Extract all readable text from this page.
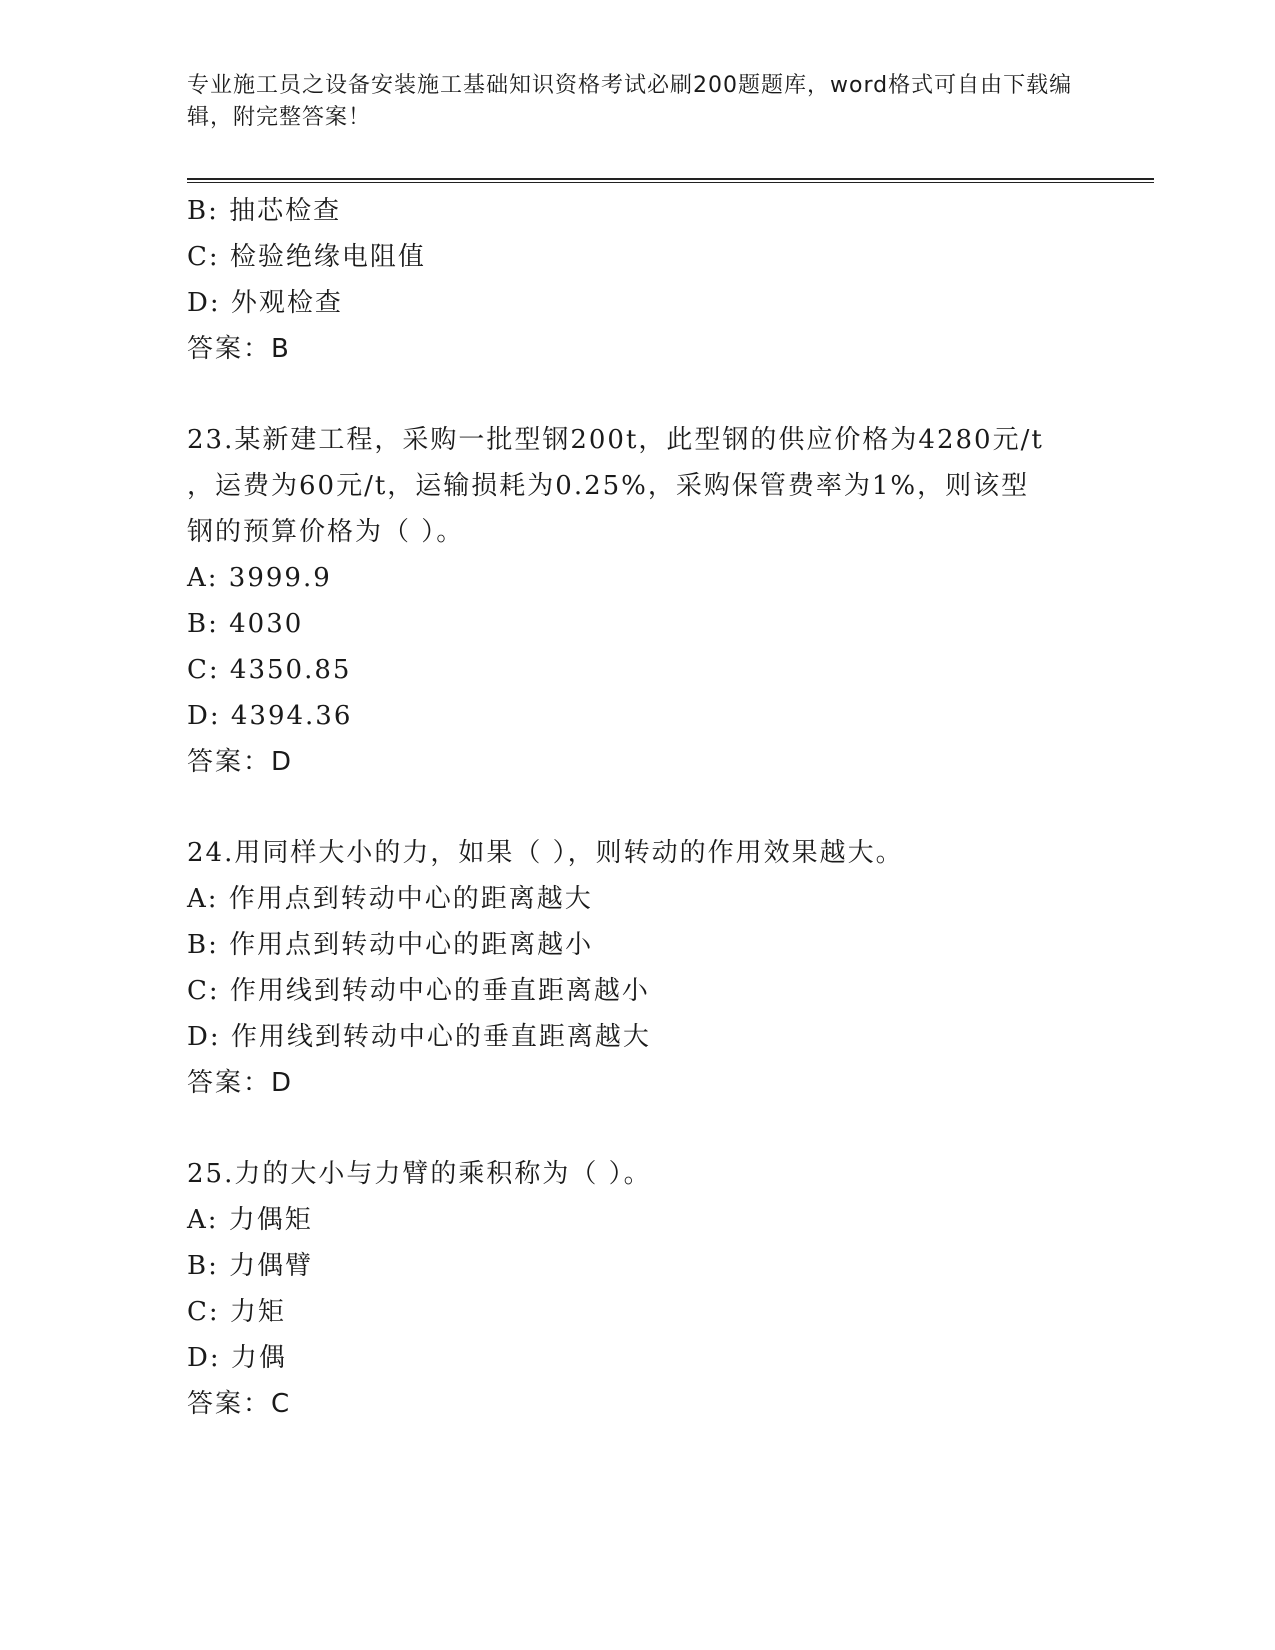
专业施工员之设备安装施工基础知识资格考试必刷200题题库，word格式可自由下载编辑，附完整答案！

B: 抽芯检查
C: 检验绝缘电阻值
D: 外观检查
答案：B
23.某新建工程，采购一批型钢200t，此型钢的供应价格为4280元/t
，运费为60元/t，运输损耗为0.25%，采购保管费率为1%，则该型
钢的预算价格为（ ）。
A: 3999.9
B: 4030
C: 4350.85
D: 4394.36
答案：D
24.用同样大小的力，如果（ ），则转动的作用效果越大。
A: 作用点到转动中心的距离越大
B: 作用点到转动中心的距离越小
C: 作用线到转动中心的垂直距离越小
D: 作用线到转动中心的垂直距离越大
答案：D
25.力的大小与力臂的乘积称为（ ）。
A: 力偶矩
B: 力偶臂
C: 力矩
D: 力偶
答案：C
